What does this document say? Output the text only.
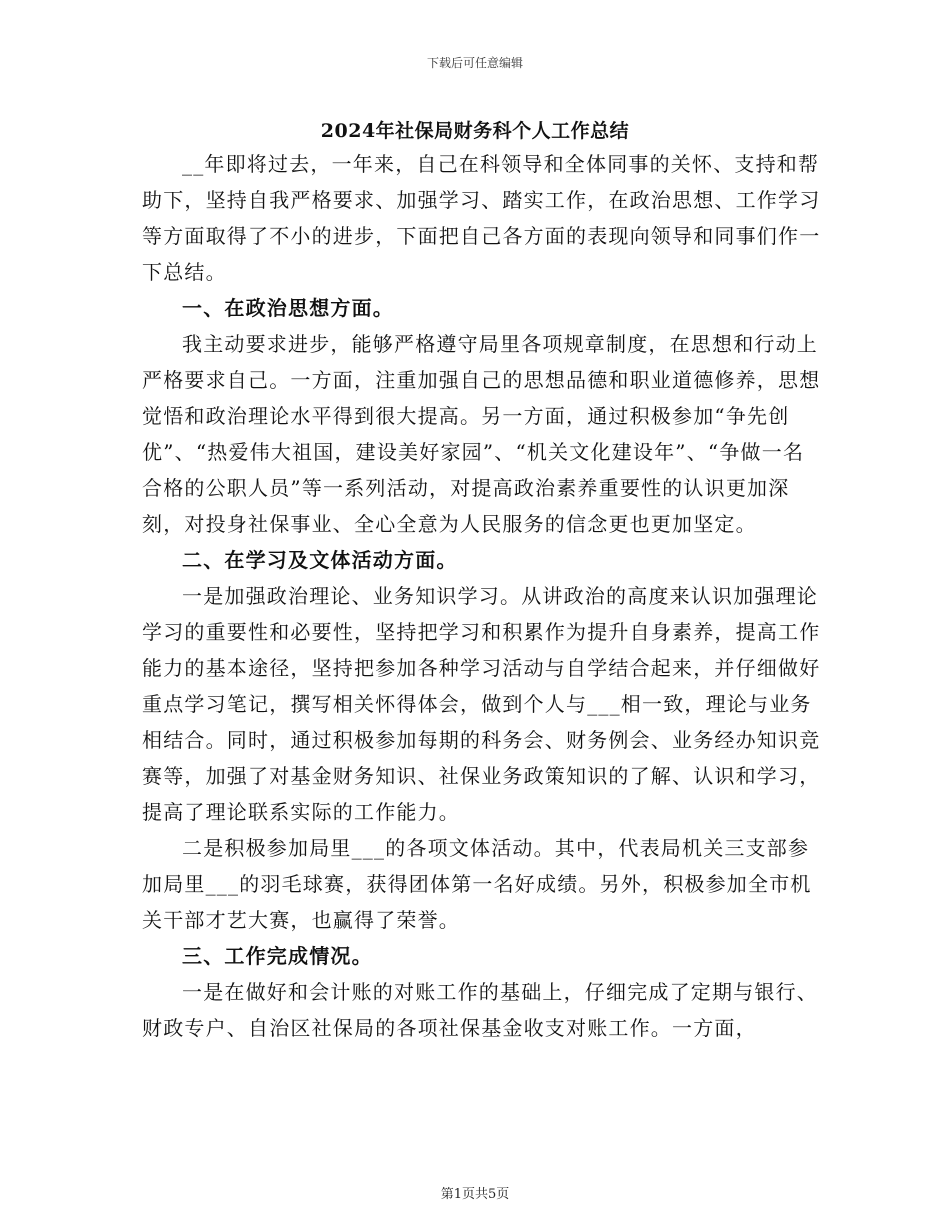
下载后可任意编辑
2024年社保局财务科个人工作总结

__年即将过去，一年来，自己在科领导和全体同事的关怀、支持和帮助下，坚持自我严格要求、加强学习、踏实工作，在政治思想、工作学习等方面取得了不小的进步，下面把自己各方面的表现向领导和同事们作一下总结。

一、在政治思想方面。

我主动要求进步，能够严格遵守局里各项规章制度，在思想和行动上严格要求自己。一方面，注重加强自己的思想品德和职业道德修养，思想觉悟和政治理论水平得到很大提高。另一方面，通过积极参加“争先创优”、“热爱伟大祖国，建设美好家园”、“机关文化建设年”、“争做一名合格的公职人员”等一系列活动，对提高政治素养重要性的认识更加深刻，对投身社保事业、全心全意为人民服务的信念更也更加坚定。

二、在学习及文体活动方面。

一是加强政治理论、业务知识学习。从讲政治的高度来认识加强理论学习的重要性和必要性，坚持把学习和积累作为提升自身素养，提高工作能力的基本途径，坚持把参加各种学习活动与自学结合起来，并仔细做好重点学习笔记，撰写相关怀得体会，做到个人与___相一致，理论与业务相结合。同时，通过积极参加每期的科务会、财务例会、业务经办知识竞赛等，加强了对基金财务知识、社保业务政策知识的了解、认识和学习，提高了理论联系实际的工作能力。

二是积极参加局里___的各项文体活动。其中，代表局机关三支部参加局里___的羽毛球赛，获得团体第一名好成绩。另外，积极参加全市机关干部才艺大赛，也赢得了荣誉。

三、工作完成情况。

一是在做好和会计账的对账工作的基础上，仔细完成了定期与银行、财政专户、自治区社保局的各项社保基金收支对账工作。一方面，

第1页共5页
